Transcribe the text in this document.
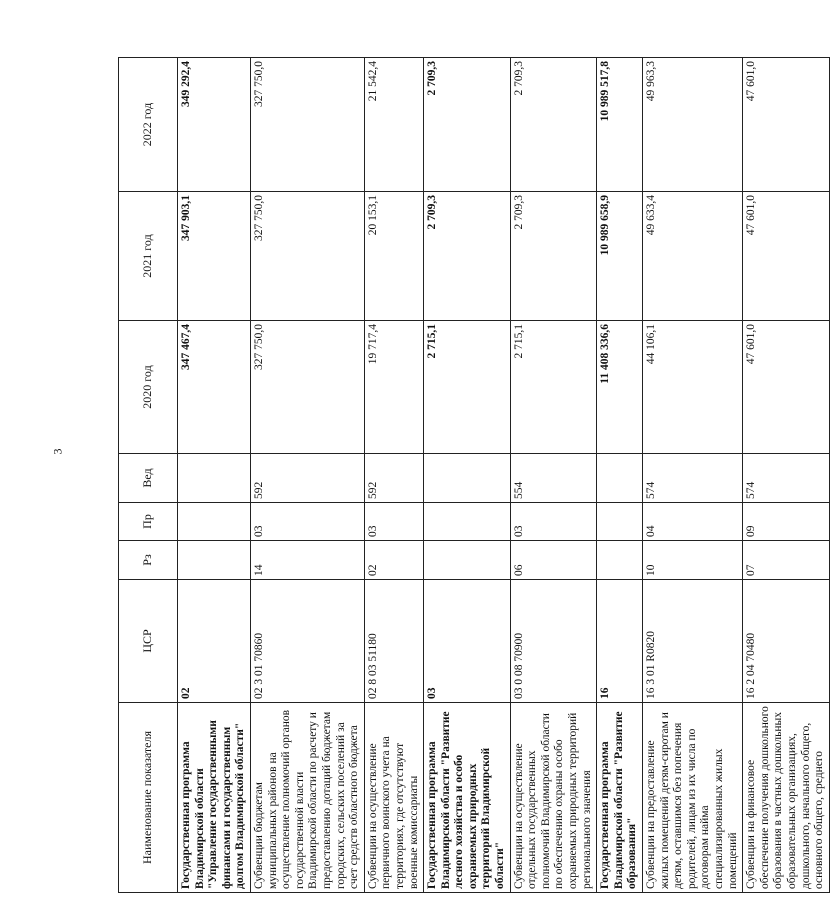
3
Наименование показателя	ЦСР	Рз	Пр	Вед	2020 год	2021 год	2022 год
Государственная программа Владимирской области "Управление государственными финансами и государственным долгом Владимирской области"	02				347 467,4	347 903,1	349 292,4
Субвенции бюджетам муниципальных районов на осуществление полномочий органов государственной власти Владимирской области по расчету и предоставлению дотаций бюджетам городских, сельских поселений за счет средств областного бюджета	02 3 01 70860	14	03	592	327 750,0	327 750,0	327 750,0
Субвенции на осуществление первичного воинского учета на территориях, где отсутствуют военные комиссариаты	02 8 03 51180	02	03	592	19 717,4	20 153,1	21 542,4
Государственная программа Владимирской области "Развитие лесного хозяйства и особо охраняемых природных территорий Владимирской области"	03				2 715,1	2 709,3	2 709,3
Субвенции на осуществление отдельных государственных полномочий Владимирской области по обеспечению охраны особо охраняемых природных территорий регионального значения	03 0 08 70900	06	03	554	2 715,1	2 709,3	2 709,3
Государственная программа Владимирской области "Развитие образования"	16				11 408 336,6	10 989 658,9	10 989 517,8
Субвенции на предоставление жилых помещений детям-сиротам и детям, оставшимся без попечения родителей, лицам из их числа по договорам найма специализированных жилых помещений	16 3 01 R0820	10	04	574	44 106,1	49 633,4	49 963,3
Субвенции на финансовое обеспечение получения дошкольного образования в частных дошкольных образовательных организациях, дошкольного, начального общего, основного общего, среднего	16 2 04 70480	07	09	574	47 601,0	47 601,0	47 601,0
